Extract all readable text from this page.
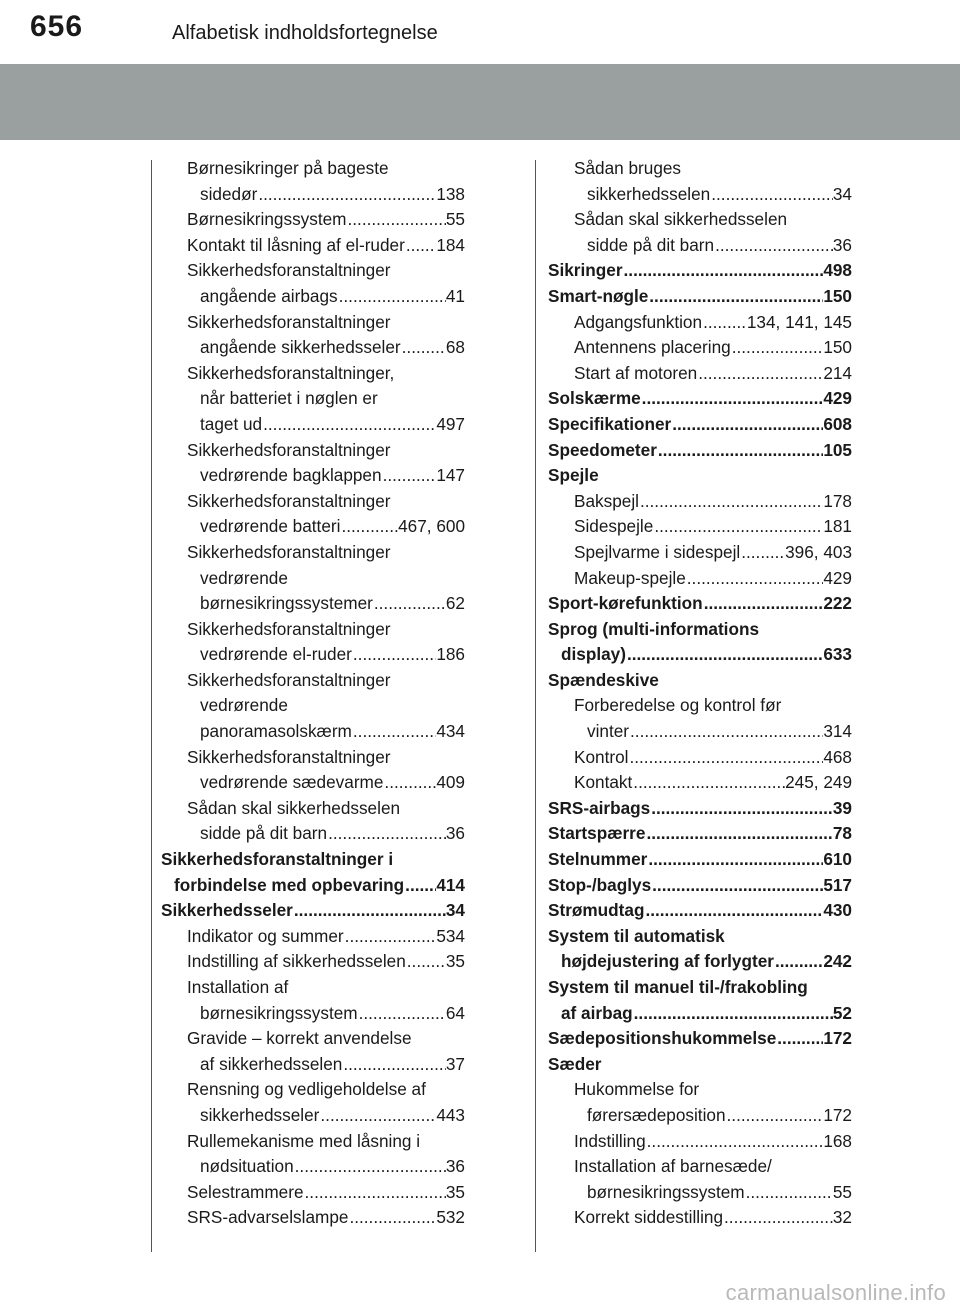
656	Alfabetisk indholdsfortegnelse
Børnesikringer på bageste
sidedør .....	138
Børnesikringssystem .....	55
Kontakt til låsning af el-ruder ..... 184
Sikkerhedsforanstaltninger
angående airbags .....	41
Sikkerhedsforanstaltninger
angående sikkerhedsseler .....	68
Sikkerhedsforanstaltninger,
når batteriet i nøglen er
taget ud .....	497
Sikkerhedsforanstaltninger
vedrørende bagklappen .....	147
Sikkerhedsforanstaltninger
vedrørende batteri .....	467, 600
Sikkerhedsforanstaltninger
vedrørende
børnesikringssystemer .....	62
Sikkerhedsforanstaltninger
vedrørende el-ruder .....	186
Sikkerhedsforanstaltninger
vedrørende
panoramasolskærm .....	434
Sikkerhedsforanstaltninger
vedrørende sædevarme .....	409
Sådan skal sikkerhedsselen
sidde på dit barn .....	36
Sikkerhedsforanstaltninger i
forbindelse med opbevaring ..... 414
Sikkerhedsseler .....	34
Indikator og summer .....	534
Indstilling af sikkerhedsselen ..... 35
Installation af
børnesikringssystem .....	64
Gravide – korrekt anvendelse
af sikkerhedsselen .....	37
Rensning og vedligeholdelse af
sikkerhedsseler .....	443
Rullemekanisme med låsning i
nødsituation .....	36
Selestrammere .....	35
SRS-advarselslampe .....	532
Sådan bruges
sikkerhedsselen .....	34
Sådan skal sikkerhedsselen
sidde på dit barn .....	36
Sikringer .....	498
Smart-nøgle .....	150
Adgangsfunktion .....	134, 141, 145
Antennens placering .....	150
Start af motoren .....	214
Solskærme .....	429
Specifikationer .....	608
Speedometer .....	105
Spejle
Bakspejl .....	178
Sidespejle .....	181
Spejlvarme i sidespejl .....	396, 403
Makeup-spejle .....	429
Sport-kørefunktion .....	222
Sprog (multi-informations
display) .....	633
Spændeskive
Forberedelse og kontrol før
vinter .....	314
Kontrol .....	468
Kontakt .....	245, 249
SRS-airbags .....	39
Startspærre .....	78
Stelnummer .....	610
Stop-/baglys .....	517
Strømudtag .....	430
System til automatisk
højdejustering af forlygter .....	242
System til manuel til-/frakobling
af airbag .....	52
Sædepositionshukommelse .....	172
Sæder
Hukommelse for
førersædeposition .....	172
Indstilling .....	168
Installation af barnesæde/
børnesikringssystem .....	55
Korrekt siddestilling .....	32
carmanualsonline.info
